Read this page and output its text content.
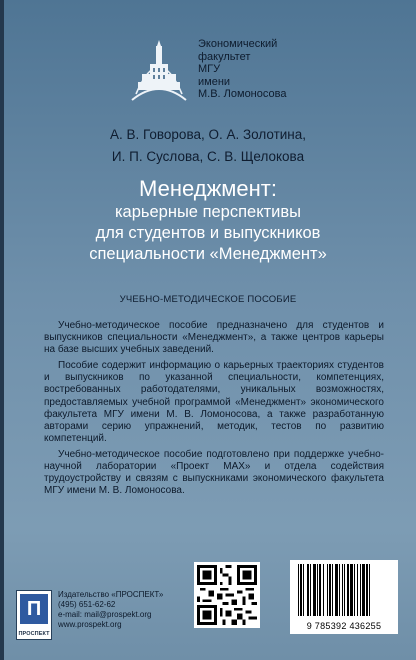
Экономический
факультет
МГУ
имени
М.В. Ломоносова
А. В. Говорова, О. А. Золотина,
И. П. Суслова, С. В. Щелокова
Менеджмент:
карьерные перспективы
для студентов и выпускников
специальности «Менеджмент»
УЧЕБНО-МЕТОДИЧЕСКОЕ ПОСОБИЕ

Учебно-методическое пособие предназначено для студентов и выпускников специальности «Менеджмент», а также центров карьеры на базе высших учебных заведений.

Пособие содержит информацию о карьерных траекториях студентов и выпускников по указанной специальности, компетенциях, востребованных работодателями, уникальных возможностях, предоставляемых учебной программой «Менеджмент» экономического факультета МГУ имени М. В. Ломоносова, а также разработанную авторами серию упражнений, методик, тестов по развитию компетенций.

Учебно-методическое пособие подготовлено при поддержке учебно-научной лаборатории «Проект MAX» и отдела содействия трудоустройству и связям с выпускниками экономического факультета МГУ имени М. В. Ломоносова.

П
ПРОСПЕКТ
Издательство «ПРОСПЕКТ»
(495) 651-62-62
e-mail: mail@prospekt.org
www.prospekt.org	9 785392 436255
